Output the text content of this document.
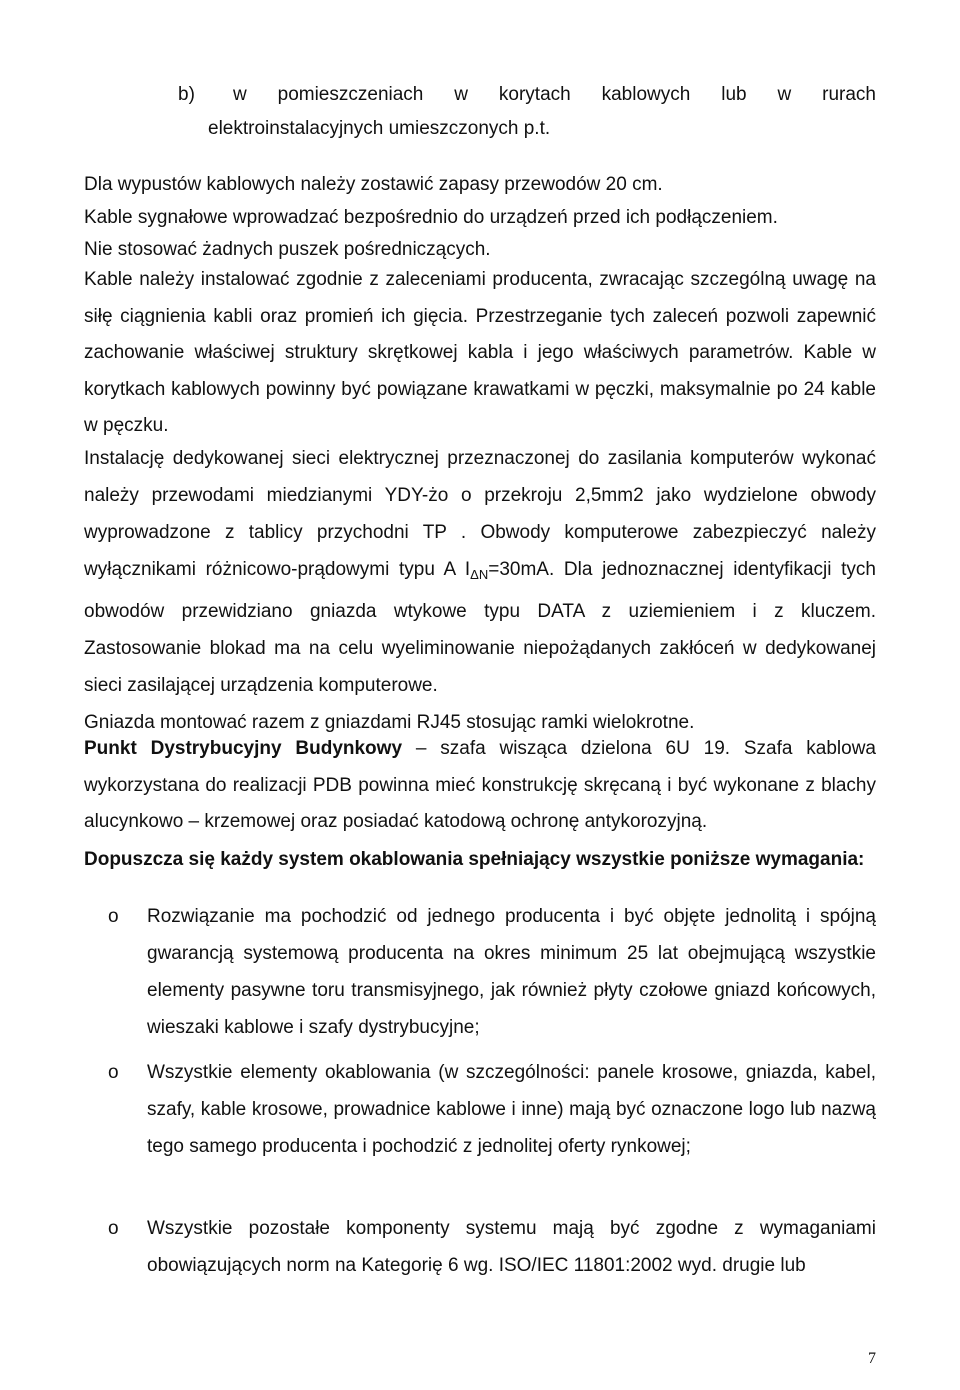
b)	w pomieszczeniach w korytach kablowych lub w rurach elektroinstalacyjnych umieszczonych p.t.
Dla wypustów kablowych należy zostawić zapasy przewodów 20 cm.
Kable sygnałowe wprowadzać bezpośrednio do urządzeń przed ich podłączeniem.
Nie stosować żadnych puszek pośredniczących.
Kable należy instalować zgodnie z zaleceniami producenta, zwracając szczególną uwagę na siłę ciągnienia kabli oraz promień ich gięcia. Przestrzeganie tych zaleceń pozwoli zapewnić zachowanie właściwej struktury skrętkowej kabla i jego właściwych parametrów. Kable w korytkach kablowych powinny być powiązane krawatkami w pęczki, maksymalnie po 24 kable w pęczku.
Instalację dedykowanej sieci elektrycznej przeznaczonej do zasilania komputerów wykonać należy przewodami miedzianymi YDY-żo o przekroju 2,5mm2 jako wydzielone obwody wyprowadzone z tablicy przychodni TP . Obwody komputerowe zabezpieczyć należy wyłącznikami różnicowo-prądowymi typu A $I_{\Delta N}=30mA$. Dla jednoznacznej identyfikacji tych obwodów przewidziano gniazda wtykowe typu DATA z uziemieniem i z kluczem. Zastosowanie blokad ma na celu wyeliminowanie niepożądanych zakłóceń w dedykowanej sieci zasilającej urządzenia komputerowe.
Gniazda montować razem z gniazdami RJ45 stosując ramki wielokrotne.
Punkt Dystrybucyjny Budynkowy – szafa wisząca dzielona 6U 19. Szafa kablowa wykorzystana do realizacji PDB powinna mieć konstrukcję skręcaną i być wykonane z blachy alucynkowo – krzemowej oraz posiadać katodową ochronę antykorozyjną.
Dopuszcza się każdy system okablowania spełniający wszystkie poniższe wymagania:
o Rozwiązanie ma pochodzić od jednego producenta i być objęte jednolitą i spójną gwarancją systemową producenta na okres minimum 25 lat obejmującą wszystkie elementy pasywne toru transmisyjnego, jak również płyty czołowe gniazd końcowych, wieszaki kablowe i szafy dystrybucyjne;
o Wszystkie elementy okablowania (w szczególności: panele krosowe, gniazda, kabel, szafy, kable krosowe, prowadnice kablowe i inne) mają być oznaczone logo lub nazwą tego samego producenta i pochodzić z jednolitej oferty rynkowej;
o Wszystkie pozostałe komponenty systemu mają być zgodne z wymaganiami obowiązujących norm na Kategorię 6 wg. ISO/IEC 11801:2002 wyd. drugie lub
7
